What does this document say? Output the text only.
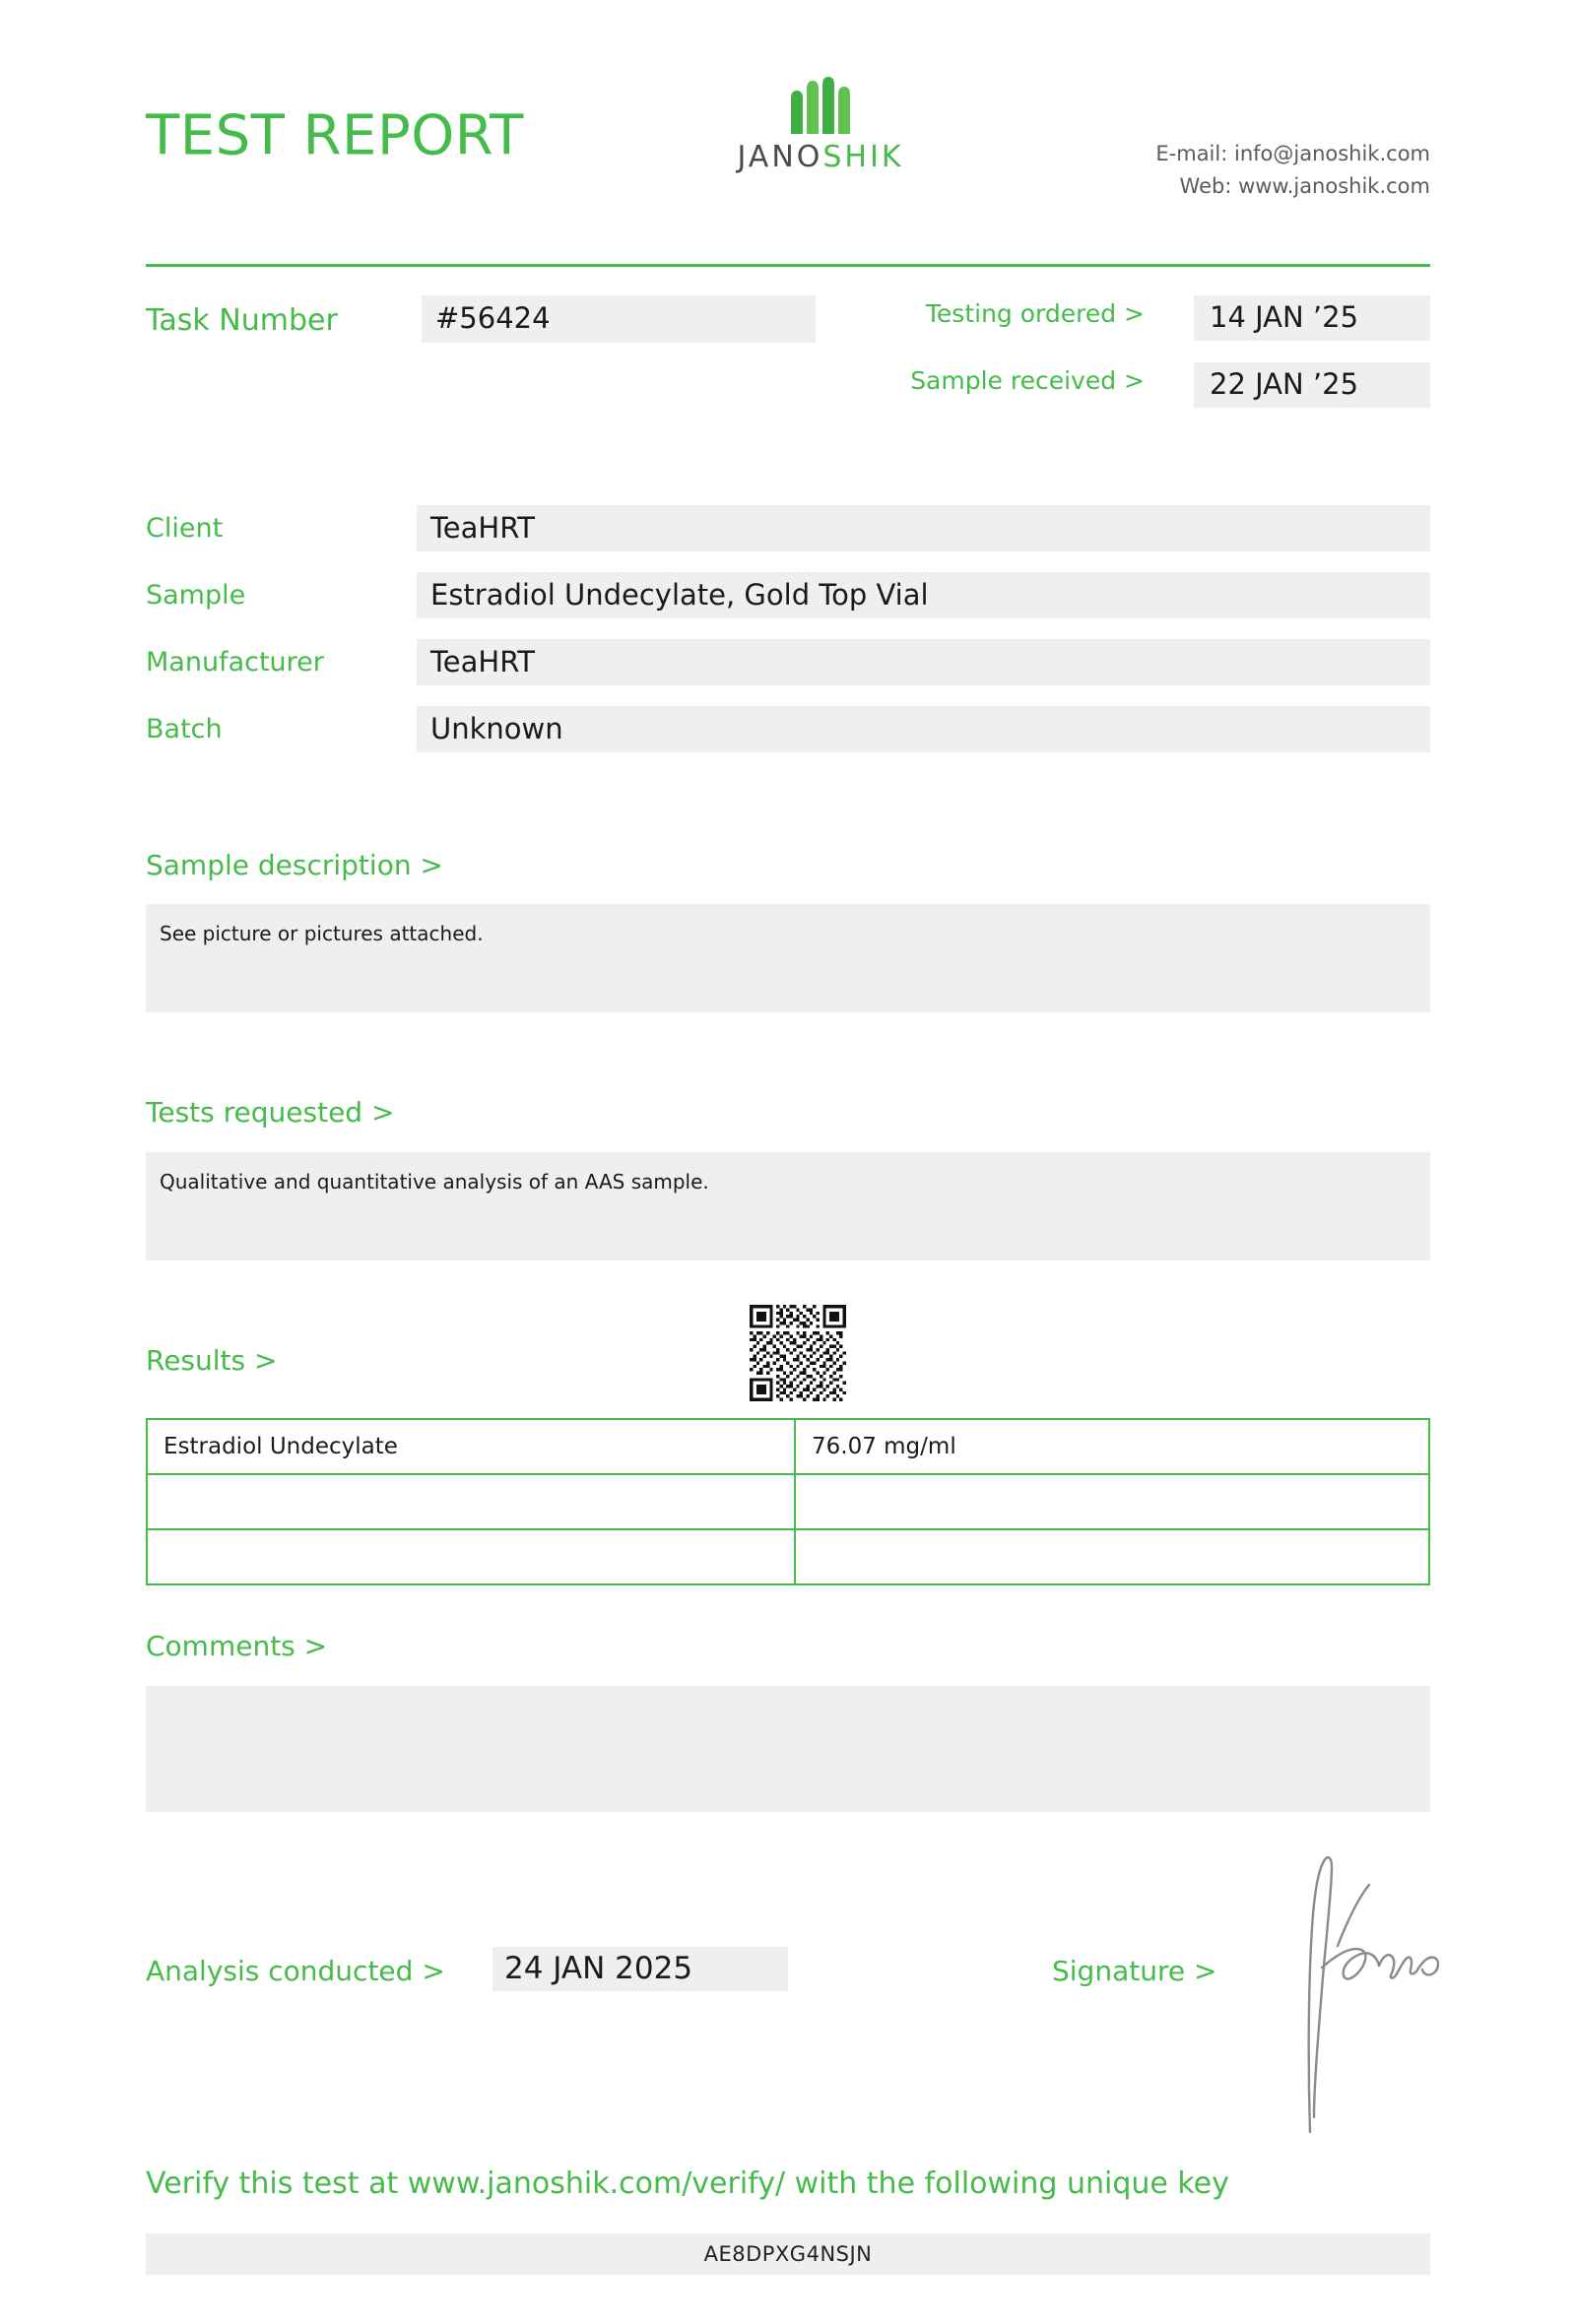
TEST REPORT	JANOSHIK	E-mail: info@janoshik.com
Web: www.janoshik.com
Task Number	#56424	Testing ordered >	14 JAN ’25
Sample received >	22 JAN ’25
Client	TeaHRT
Sample	Estradiol Undecylate, Gold Top Vial
Manufacturer	TeaHRT
Batch	Unknown
Sample description >
See picture or pictures attached.
Tests requested >
Qualitative and quantitative analysis of an AAS sample.
Results >
Estradiol Undecylate	76.07 mg/ml

Comments >
Analysis conducted >	24 JAN 2025	Signature >
Verify this test at www.janoshik.com/verify/ with the following unique key
AE8DPXG4NSJN
